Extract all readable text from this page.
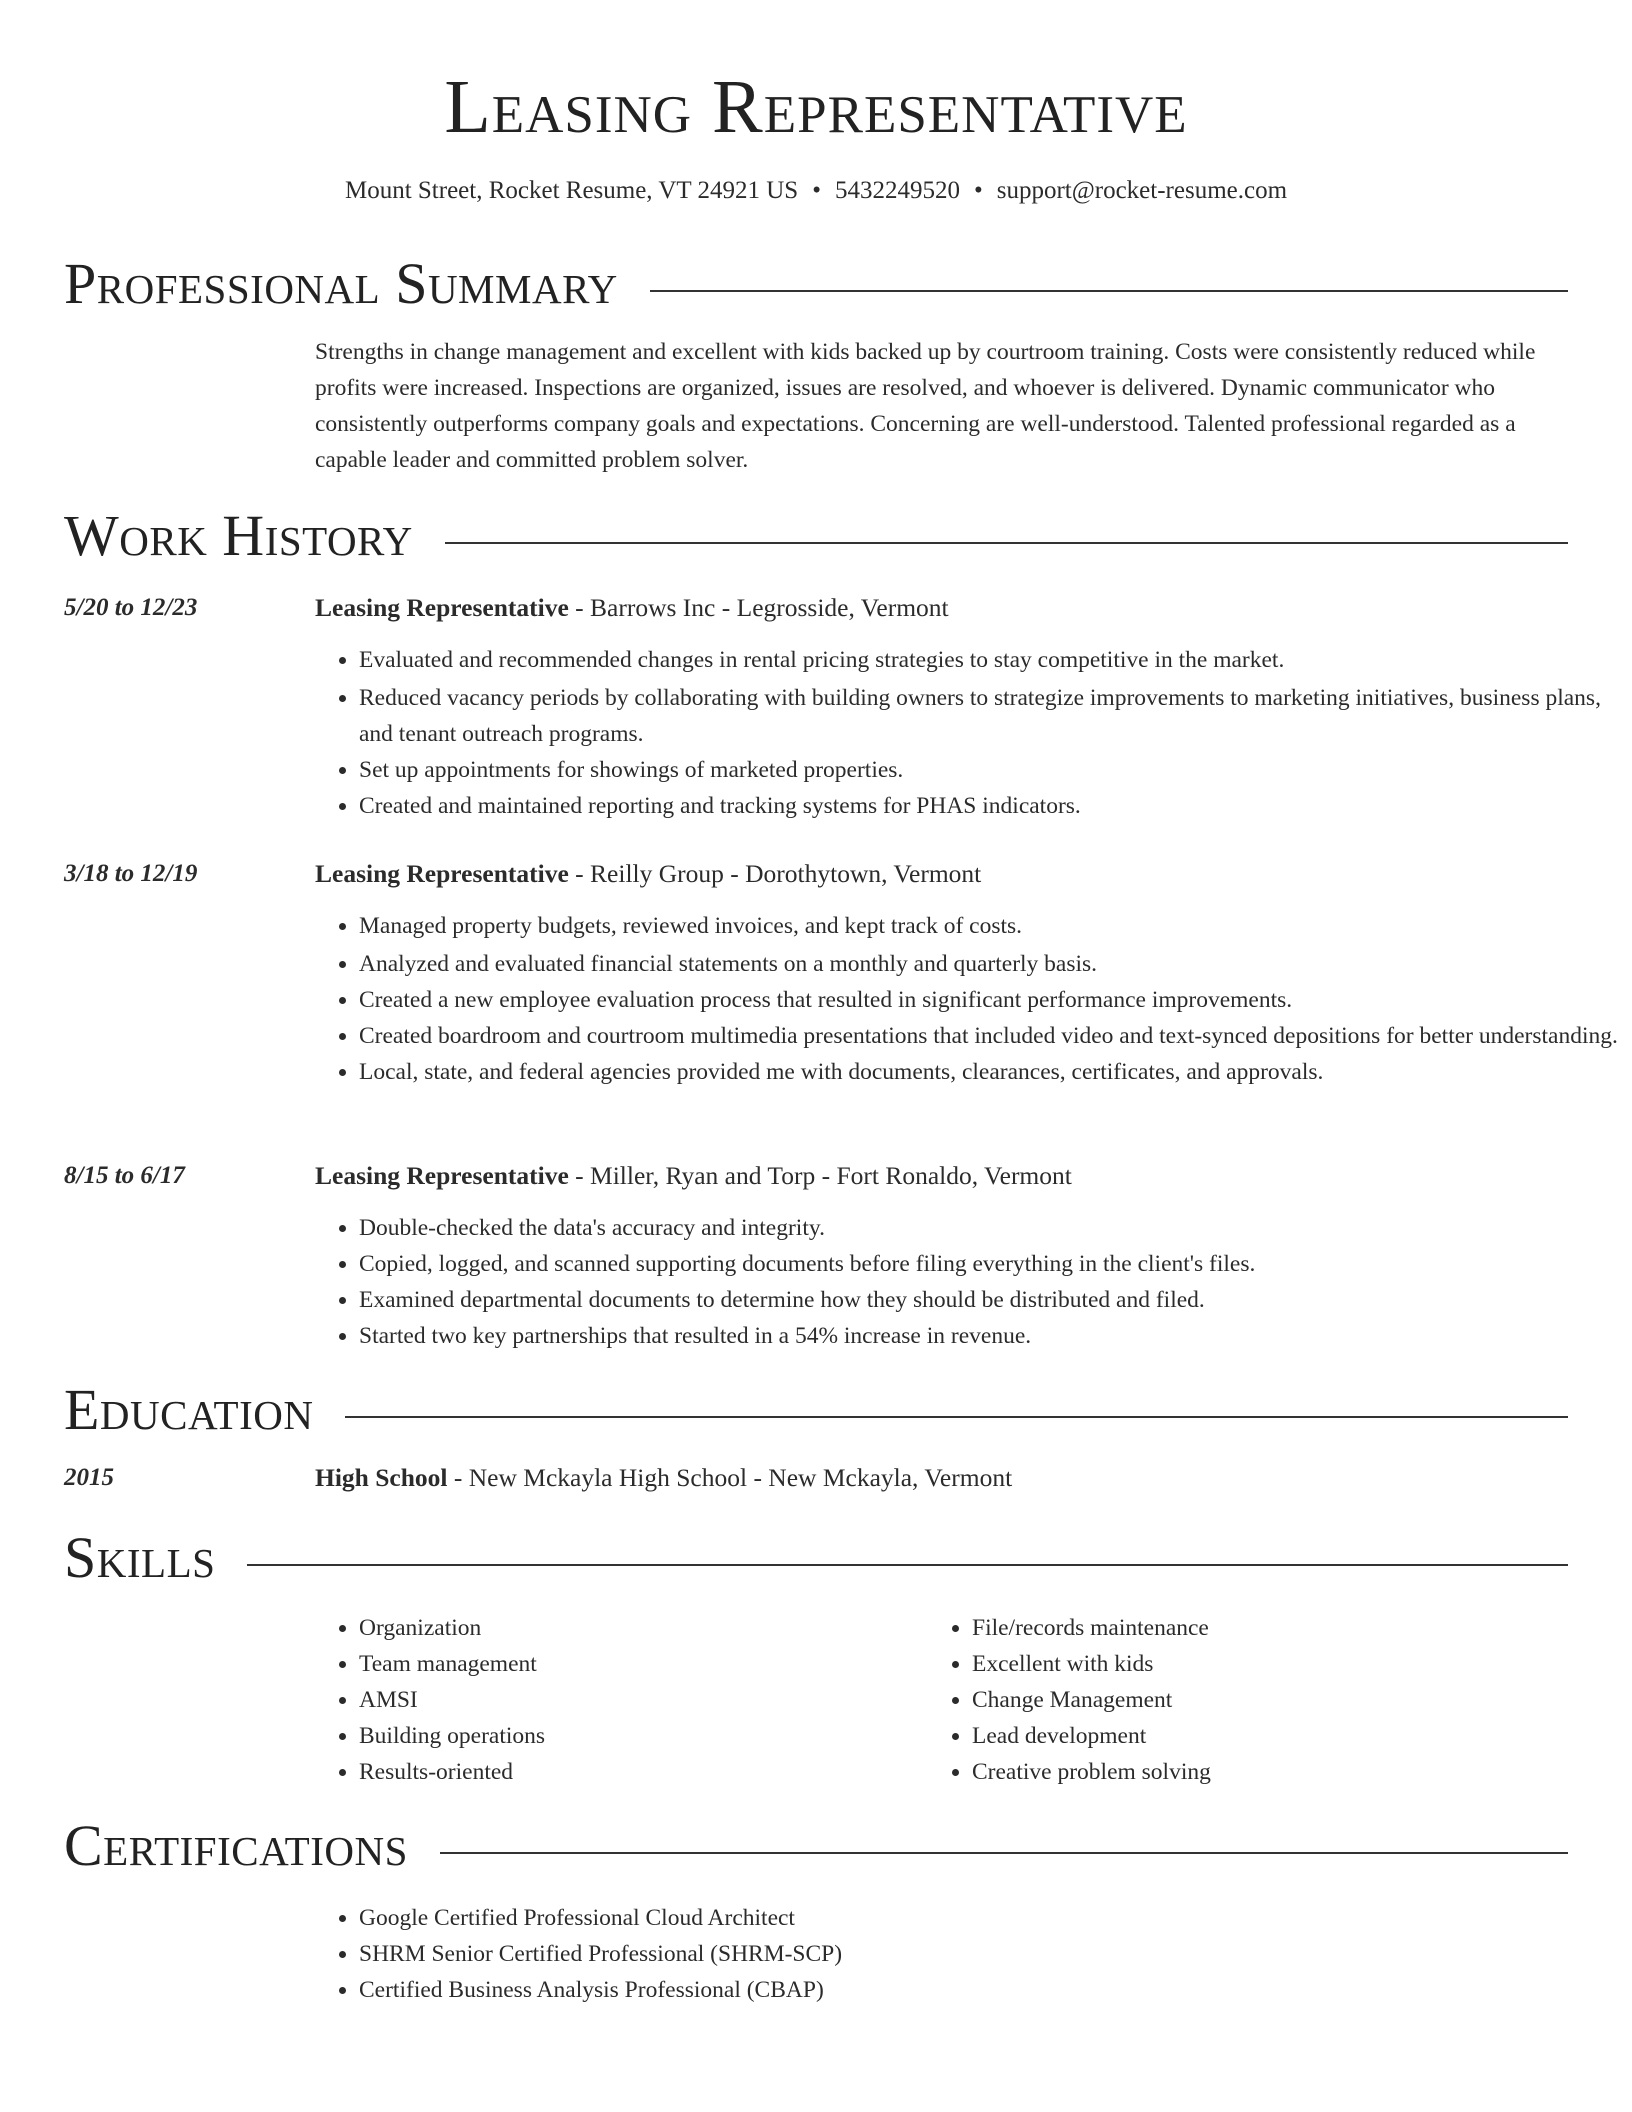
Leasing Representative
Mount Street, Rocket Resume, VT 24921 US • 5432249520 • support@rocket-resume.com
Professional Summary

Strengths in change management and excellent with kids backed up by courtroom training. Costs were consistently reduced while profits were increased. Inspections are organized, issues are resolved, and whoever is delivered. Dynamic communicator who consistently outperforms company goals and expectations. Concerning are well-understood. Talented professional regarded as a capable leader and committed problem solver.

Work History
5/20 to 12/23	Leasing Representative - Barrows Inc - Legrosside, Vermont
• Evaluated and recommended changes in rental pricing strategies to stay competitive in the market.
• Reduced vacancy periods by collaborating with building owners to strategize improvements to marketing initiatives, business plans, and tenant outreach programs.
• Set up appointments for showings of marketed properties.
• Created and maintained reporting and tracking systems for PHAS indicators.
3/18 to 12/19	Leasing Representative - Reilly Group - Dorothytown, Vermont
• Managed property budgets, reviewed invoices, and kept track of costs.
• Analyzed and evaluated financial statements on a monthly and quarterly basis.
• Created a new employee evaluation process that resulted in significant performance improvements.
• Created boardroom and courtroom multimedia presentations that included video and text-synced depositions for better understanding.
• Local, state, and federal agencies provided me with documents, clearances, certificates, and approvals.
8/15 to 6/17	Leasing Representative - Miller, Ryan and Torp - Fort Ronaldo, Vermont
• Double-checked the data's accuracy and integrity.
• Copied, logged, and scanned supporting documents before filing everything in the client's files.
• Examined departmental documents to determine how they should be distributed and filed.
• Started two key partnerships that resulted in a 54% increase in revenue.
Education
2015	High School - New Mckayla High School - New Mckayla, Vermont
Skills
• Organization
• Team management
• AMSI
• Building operations
• Results-oriented
• File/records maintenance
• Excellent with kids
• Change Management
• Lead development
• Creative problem solving
Certifications
• Google Certified Professional Cloud Architect
• SHRM Senior Certified Professional (SHRM-SCP)
• Certified Business Analysis Professional (CBAP)
